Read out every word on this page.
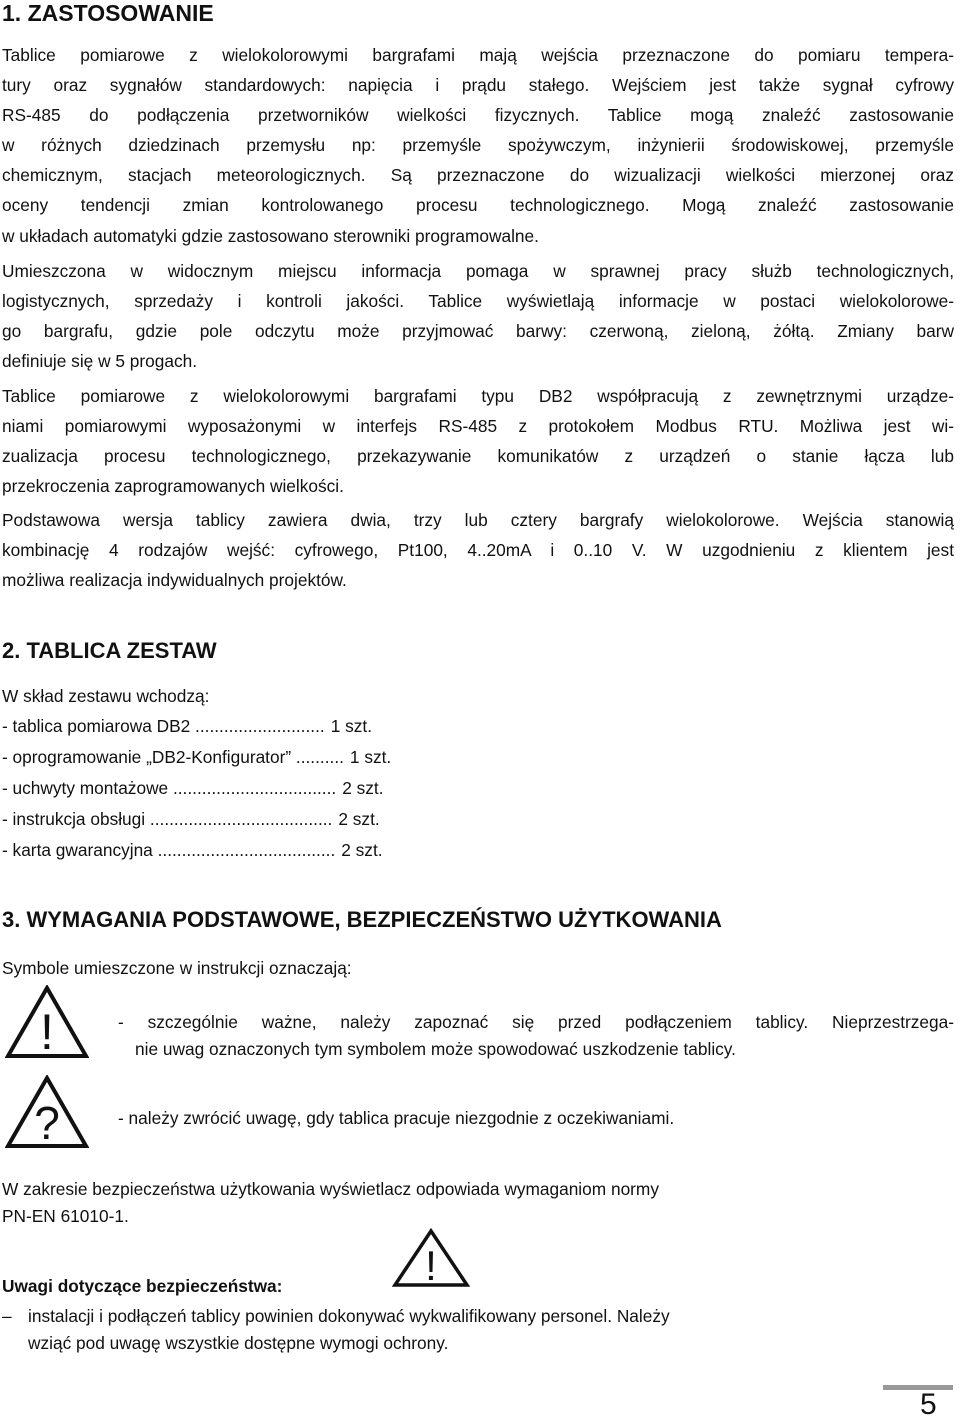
1. ZASTOSOWANIE
Tablice pomiarowe z wielokolorowymi bargrafami mają wejścia przeznaczone do pomiaru tempera-
tury oraz sygnałów standardowych: napięcia i prądu stałego. Wejściem jest także sygnał cyfrowy
RS-485 do podłączenia przetworników wielkości fizycznych. Tablice mogą znaleźć zastosowanie
w różnych dziedzinach przemysłu np: przemyśle spożywczym, inżynierii środowiskowej, przemyśle
chemicznym, stacjach meteorologicznych. Są przeznaczone do wizualizacji wielkości mierzonej oraz
oceny tendencji zmian kontrolowanego procesu technologicznego. Mogą znaleźć zastosowanie
w układach automatyki gdzie zastosowano sterowniki programowalne.
Umieszczona w widocznym miejscu informacja pomaga w sprawnej pracy służb technologicznych,
logistycznych, sprzedaży i kontroli jakości. Tablice wyświetlają informacje w postaci wielokolorowe-
go bargrafu, gdzie pole odczytu może przyjmować barwy: czerwoną, zieloną, żółtą. Zmiany barw
definiuje się w 5 progach.
Tablice pomiarowe z wielokolorowymi bargrafami typu DB2 współpracują z zewnętrznymi urządze-
niami pomiarowymi wyposażonymi w interfejs RS-485 z protokołem Modbus RTU. Możliwa jest wi-
zualizacja procesu technologicznego, przekazywanie komunikatów z urządzeń o stanie łącza lub
przekroczenia zaprogramowanych wielkości.
Podstawowa wersja tablicy zawiera dwia, trzy lub cztery bargrafy wielokolorowe. Wejścia stanowią
kombinację 4 rodzajów wejść: cyfrowego, Pt100, 4..20mA i 0..10 V. W uzgodnieniu z klientem jest
możliwa realizacja indywidualnych projektów.
2. TABLICA ZESTAW

W skład zestawu wchodzą:

- tablica pomiarowa DB2 ........................... 1 szt.
- oprogramowanie „DB2-Konfigurator” .......... 1 szt.
- uchwyty montażowe .................................. 2 szt.
- instrukcja obsługi ...................................... 2 szt.
- karta gwarancyjna ..................................... 2 szt.
3. WYMAGANIA PODSTAWOWE, BEZPIECZEŃSTWO UŻYTKOWANIA

Symbole umieszczone w instrukcji oznaczają:

!	- szczególnie ważne, należy zapoznać się przed podłączeniem tablicy. Nieprzestrzega-

nie uwag oznaczonych tym symbolem może spowodować uszkodzenie tablicy.

?	- należy zwrócić uwagę, gdy tablica pracuje niezgodnie z oczekiwaniami.

W zakresie bezpieczeństwa użytkowania wyświetlacz odpowiada wymaganiom normy

PN-EN 61010-1.

Uwagi dotyczące bezpieczeństwa:	!
– instalacji i podłączeń tablicy powinien dokonywać wykwalifikowany personel. Należy

wziąć pod uwagę wszystkie dostępne wymogi ochrony.

5
